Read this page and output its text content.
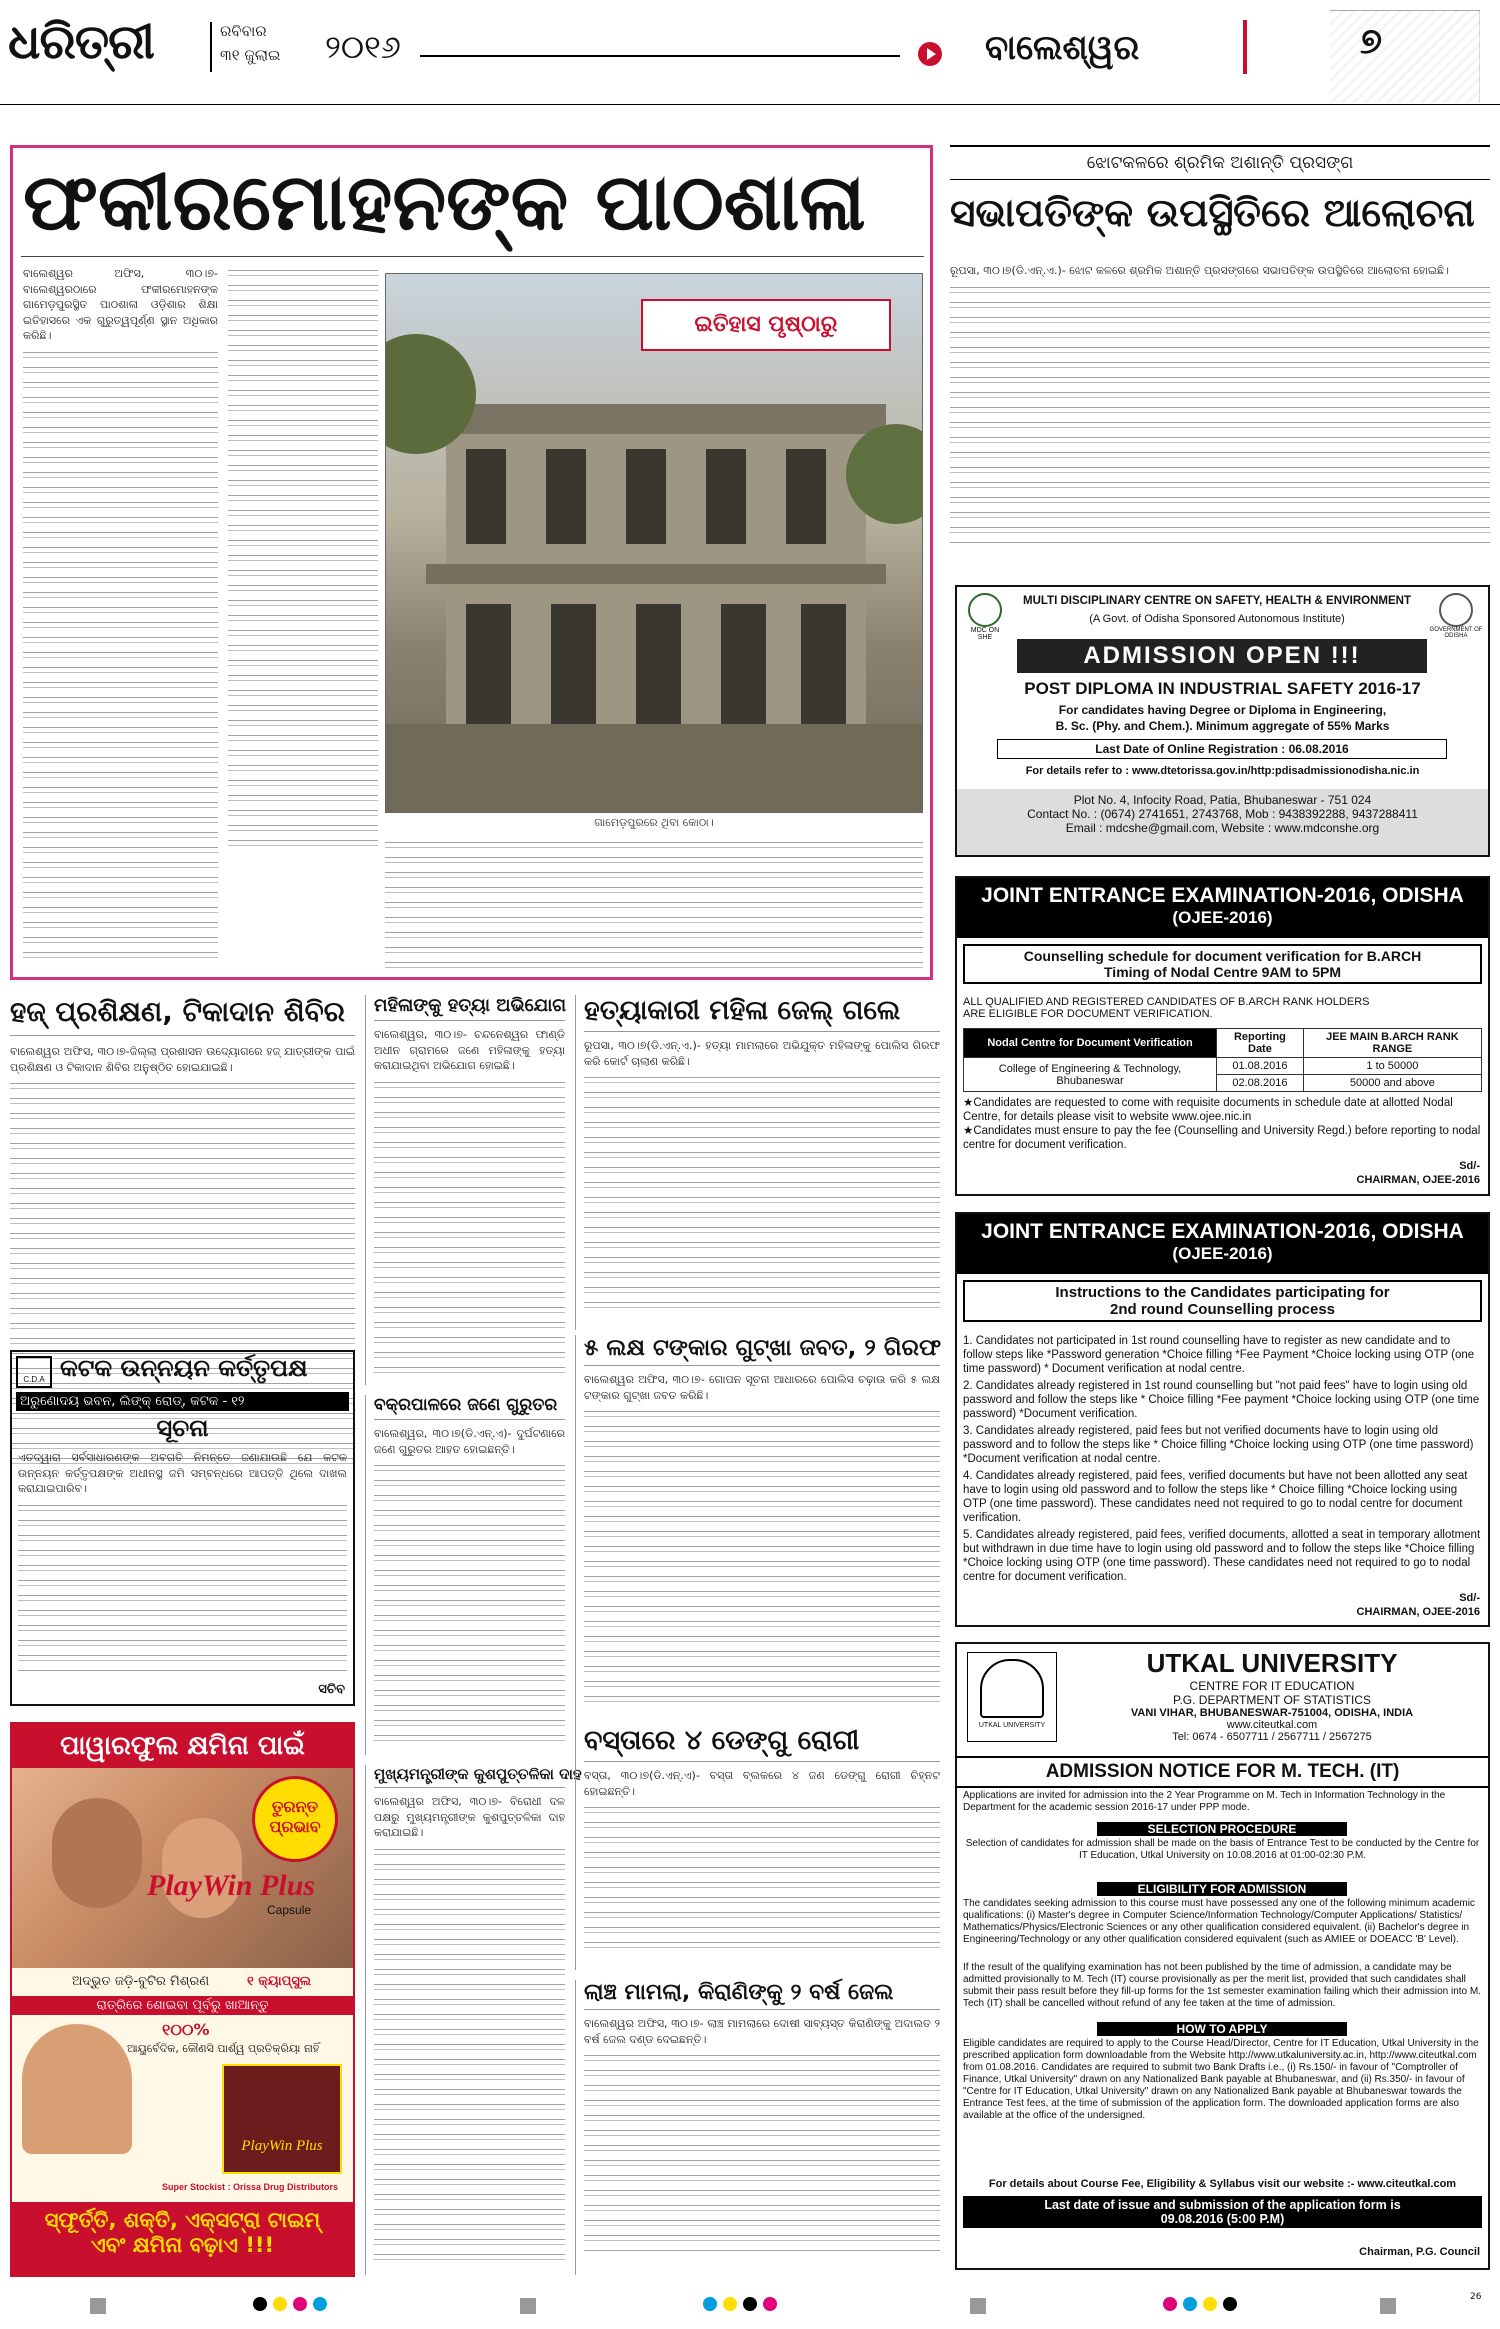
ଧରିତ୍ରୀ	ରବିବାର
୩୧ ଜୁଲାଇ ୨୦୧୬	ବାଲେଶ୍ୱର	୭
ଫକୀରମୋହନଙ୍କ ପାଠଶାଳା
ବାଲେଶ୍ୱର ଅଫିସ, ୩୦।୭- ବାଲେଶ୍ୱରଠାରେ ଫକୀରମୋହନଙ୍କ ଗାମେଡ଼ପୁରସ୍ଥିତ ପାଠଶାଳା ଓଡ଼ିଶାର ଶିକ୍ଷା ଇତିହାସରେ ଏକ ଗୁରୁତ୍ୱପୂର୍ଣ୍ଣ ସ୍ଥାନ ଅଧିକାର କରିଛି।	ଇତିହାସ ପୃଷ୍ଠାରୁ
ଗାମେଡ଼ପୁରରେ ଥିବା କୋଠା।
ଝୋଟକଳରେ ଶ୍ରମିକ ଅଶାନ୍ତି ପ୍ରସଙ୍ଗ
ସଭାପତିଙ୍କ ଉପସ୍ଥିତିରେ ଆଲୋଚନା
ରୂପସା, ୩୦।୭(ଡି.ଏନ୍.ଏ.)- ଝୋଟ କଳରେ ଶ୍ରମିକ ଅଶାନ୍ତି ପ୍ରସଙ୍ଗରେ ସଭାପତିଙ୍କ ଉପସ୍ଥିତିରେ ଆଲୋଚନା ହୋଇଛି।
MDC ON SHE
GOVERNMENT OF ODISHA
MULTI DISCIPLINARY CENTRE ON SAFETY, HEALTH & ENVIRONMENT
(A Govt. of Odisha Sponsored Autonomous Institute)
ADMISSION OPEN !!!
POST DIPLOMA IN INDUSTRIAL SAFETY 2016-17
For candidates having Degree or Diploma in Engineering,
B. Sc. (Phy. and Chem.). Minimum aggregate of 55% Marks
Last Date of Online Registration : 06.08.2016
For details refer to : www.dtetorissa.gov.in/http:pdisadmissionodisha.nic.in
Plot No. 4, Infocity Road, Patia, Bhubaneswar - 751 024
Contact No. : (0674) 2741651, 2743768, Mob : 9438392288, 9437288411
Email : mdcshe@gmail.com, Website : www.mdconshe.org
JOINT ENTRANCE EXAMINATION-2016, ODISHA
(OJEE-2016)
Counselling schedule for document verification for B.ARCH
Timing of Nodal Centre 9AM to 5PM
ALL QUALIFIED AND REGISTERED CANDIDATES OF B.ARCH RANK HOLDERS
ARE ELIGIBLE FOR DOCUMENT VERIFICATION.
Nodal Centre for Document Verification	Reporting Date	JEE MAIN B.ARCH RANK RANGE
College of Engineering & Technology, Bhubaneswar	01.08.2016	1 to 50000
	02.08.2016	50000 and above
★Candidates are requested to come with requisite documents in schedule date at allotted Nodal Centre, for details please visit to website www.ojee.nic.in
★Candidates must ensure to pay the fee (Counselling and University Regd.) before reporting to nodal centre for document verification.
Sd/-
CHAIRMAN, OJEE-2016
JOINT ENTRANCE EXAMINATION-2016, ODISHA
(OJEE-2016)
Instructions to the Candidates participating for
2nd round Counselling process
1. Candidates not participated in 1st round counselling have to register as new candidate and to follow steps like *Password generation *Choice filling *Fee Payment *Choice locking using OTP (one time password) * Document verification at nodal centre.
2. Candidates already registered in 1st round counselling but "not paid fees" have to login using old password and follow the steps like * Choice filling *Fee payment *Choice locking using OTP (one time password) *Document verification.
3. Candidates already registered, paid fees but not verified documents have to login using old password and to follow the steps like * Choice filling *Choice locking using OTP (one time password) *Document verification at nodal centre.
4. Candidates already registered, paid fees, verified documents but have not been allotted any seat have to login using old password and to follow the steps like * Choice filling *Choice locking using OTP (one time password). These candidates need not required to go to nodal centre for document verification.
5. Candidates already registered, paid fees, verified documents, allotted a seat in temporary allotment but withdrawn in due time have to login using old password and to follow the steps like *Choice filling *Choice locking using OTP (one time password). These candidates need not required to go to nodal centre for document verification.
Sd/-
CHAIRMAN, OJEE-2016
UTKAL UNIVERSITY
UTKAL UNIVERSITY
CENTRE FOR IT EDUCATION
P.G. DEPARTMENT OF STATISTICS
VANI VIHAR, BHUBANESWAR-751004, ODISHA, INDIA
www.citeutkal.com
Tel: 0674 - 6507711 / 2567711 / 2567275
ADMISSION NOTICE FOR M. TECH. (IT)
Applications are invited for admission into the 2 Year Programme on M. Tech in Information Technology in the Department for the academic session 2016-17 under PPP mode.
SELECTION PROCEDURE
Selection of candidates for admission shall be made on the basis of Entrance Test to be conducted by the Centre for IT Education, Utkal University on 10.08.2016 at 01:00-02:30 P.M.
ELIGIBILITY FOR ADMISSION
The candidates seeking admission to this course must have possessed any one of the following minimum academic qualifications: (i) Master's degree in Computer Science/Information Technology/Computer Applications/ Statistics/ Mathematics/Physics/Electronic Sciences or any other qualification considered equivalent. (ii) Bachelor's degree in Engineering/Technology or any other qualification considered equivalent (such as AMIEE or DOEACC 'B' Level).
If the result of the qualifying examination has not been published by the time of admission, a candidate may be admitted provisionally to M. Tech (IT) course provisionally as per the merit list, provided that such candidates shall submit their pass result before they fill-up forms for the 1st semester examination failing which their admission into M. Tech (IT) shall be cancelled without refund of any fee taken at the time of admission.
HOW TO APPLY
Eligible candidates are required to apply to the Course Head/Director, Centre for IT Education, Utkal University in the prescribed application form downloadable from the Website http://www.utkaluniversity.ac.in, http://www.citeutkal.com from 01.08.2016. Candidates are required to submit two Bank Drafts i.e., (i) Rs.150/- in favour of "Comptroller of Finance, Utkal University" drawn on any Nationalized Bank payable at Bhubaneswar, and (ii) Rs.350/- in favour of "Centre for IT Education, Utkal University" drawn on any Nationalized Bank payable at Bhubaneswar towards the Entrance Test fees, at the time of submission of the application form. The downloaded application forms are also available at the office of the undersigned.
For details about Course Fee, Eligibility & Syllabus visit our website :- www.citeutkal.com
Last date of issue and submission of the application form is
09.08.2016 (5:00 P.M)
Chairman, P.G. Council
ହଜ୍ ପ୍ରଶିକ୍ଷଣ, ଟିକାଦାନ ଶିବିର
ବାଲେଶ୍ୱର ଅଫିସ, ୩୦।୭-ଜିଲ୍ଲା ପ୍ରଶାସନ ଉଦ୍ୟୋଗରେ ହଜ୍ ଯାତ୍ରୀଙ୍କ ପାଇଁ ପ୍ରଶିକ୍ଷଣ ଓ ଟିକାଦାନ ଶିବିର ଅନୁଷ୍ଠିତ ହୋଇଯାଇଛି।
C.D.A କଟକ ଉନ୍ନୟନ କର୍ତ୍ତୃପକ୍ଷ
ଅରୁଣୋଦୟ ଭବନ, ଲିଙ୍କ୍ ରୋଡ୍, କଟକ - ୧୨
ସୂଚନା
ଏତଦ୍ୱାରା ସର୍ବସାଧାରଣଙ୍କ ଅବଗତି ନିମନ୍ତେ ଜଣାଯାଉଛି ଯେ କଟକ ଉନ୍ନୟନ କର୍ତ୍ତୃପକ୍ଷଙ୍କ ଅଧୀନସ୍ଥ ଜମି ସମ୍ବନ୍ଧରେ ଆପତ୍ତି ଥିଲେ ଦାଖଲ କରାଯାଇପାରିବ।
ସଚିବ
ପାୱାରଫୁଲ କ୍ଷମିନା ପାଇଁ
ତୁରନ୍ତ
ପ୍ରଭାବ
PlayWin Plus
Capsule
ଅଦ୍ଭୁତ ଜଡ଼ି-ବୁଟିର ମିଶ୍ରଣ	୧ କ୍ୟାପ୍‌ସୁଲ
ରାତ୍ରିରେ ଶୋଇବା ପୂର୍ବରୁ ଖାଆନ୍ତୁ
୧୦୦%
ଆୟୁର୍ବେଦିକ, କୌଣସି ପାର୍ଶ୍ୱ ପ୍ରତିକ୍ରିୟା ନାହିଁ
PlayWin Plus
Super Stockist : Orissa Drug Distributors
ସ୍ଫୂର୍ତ୍ତି, ଶକ୍ତି, ଏକ୍ସଟ୍ରା ଟାଇମ୍
ଏବଂ କ୍ଷମିନା ବଢ଼ାଏ !!!
ମହିଳାଙ୍କୁ ହତ୍ୟା ଅଭିଯୋଗ
ବାଲେଶ୍ୱର, ୩୦।୭- ଚନ୍ଦନେଶ୍ୱର ଫାଣ୍ଡି ଅଧୀନ ଗ୍ରାମରେ ଜଣେ ମହିଳାଙ୍କୁ ହତ୍ୟା କରାଯାଇଥିବା ଅଭିଯୋଗ ହୋଇଛି।
ବକ୍ରପାଳରେ ଜଣେ ଗୁରୁତର
ବାଲେଶ୍ୱର, ୩୦।୭(ଡି.ଏନ୍.ଏ)- ଦୁର୍ଘଟଣାରେ ଜଣେ ଗୁରୁତର ଆହତ ହୋଇଛନ୍ତି।
ମୁଖ୍ୟମନ୍ତ୍ରୀଙ୍କ କୁଶପୁତ୍ତଳିକା ଦାହ
ବାଲେଶ୍ୱର ଅଫିସ, ୩୦।୭- ବିରୋଧୀ ଦଳ ପକ୍ଷରୁ ମୁଖ୍ୟମନ୍ତ୍ରୀଙ୍କ କୁଶପୁତ୍ତଳିକା ଦାହ କରାଯାଇଛି।
ହତ୍ୟାକାରୀ ମହିଳା ଜେଲ୍ ଗଲେ
ରୂପସା, ୩୦।୭(ଡି.ଏନ୍.ଏ.)- ହତ୍ୟା ମାମଲାରେ ଅଭିଯୁକ୍ତ ମହିଳାଙ୍କୁ ପୋଲିସ ଗିରଫ କରି କୋର୍ଟ ଚାଲାଣ କରିଛି।
୫ ଲକ୍ଷ ଟଙ୍କାର ଗୁଟ୍‌ଖା ଜବତ, ୨ ଗିରଫ
ବାଲେଶ୍ୱର ଅଫିସ, ୩୦।୭- ଗୋପନ ସୂଚନା ଆଧାରରେ ପୋଲିସ ଚଢ଼ାଉ କରି ୫ ଲକ୍ଷ ଟଙ୍କାର ଗୁଟ୍‌ଖା ଜବତ କରିଛି।
ବସ୍ତାରେ ୪ ଡେଙ୍ଗୁ ରୋଗୀ
ବସ୍ତା, ୩୦।୭(ଡି.ଏନ୍.ଏ)- ବସ୍ତା ବ୍ଲକରେ ୪ ଜଣ ଡେଙ୍ଗୁ ରୋଗୀ ଚିହ୍ନଟ ହୋଇଛନ୍ତି।
ଲାଞ୍ଚ ମାମଲା, କିରାଣିଙ୍କୁ ୨ ବର୍ଷ ଜେଲ
ବାଲେଶ୍ୱର ଅଫିସ, ୩୦।୭- ଲାଞ୍ଚ ମାମଲାରେ ଦୋଷୀ ସାବ୍ୟସ୍ତ କିରାଣିଙ୍କୁ ଅଦାଲତ ୨ ବର୍ଷ ଜେଲ ଦଣ୍ଡ ଦେଇଛନ୍ତି।
26
